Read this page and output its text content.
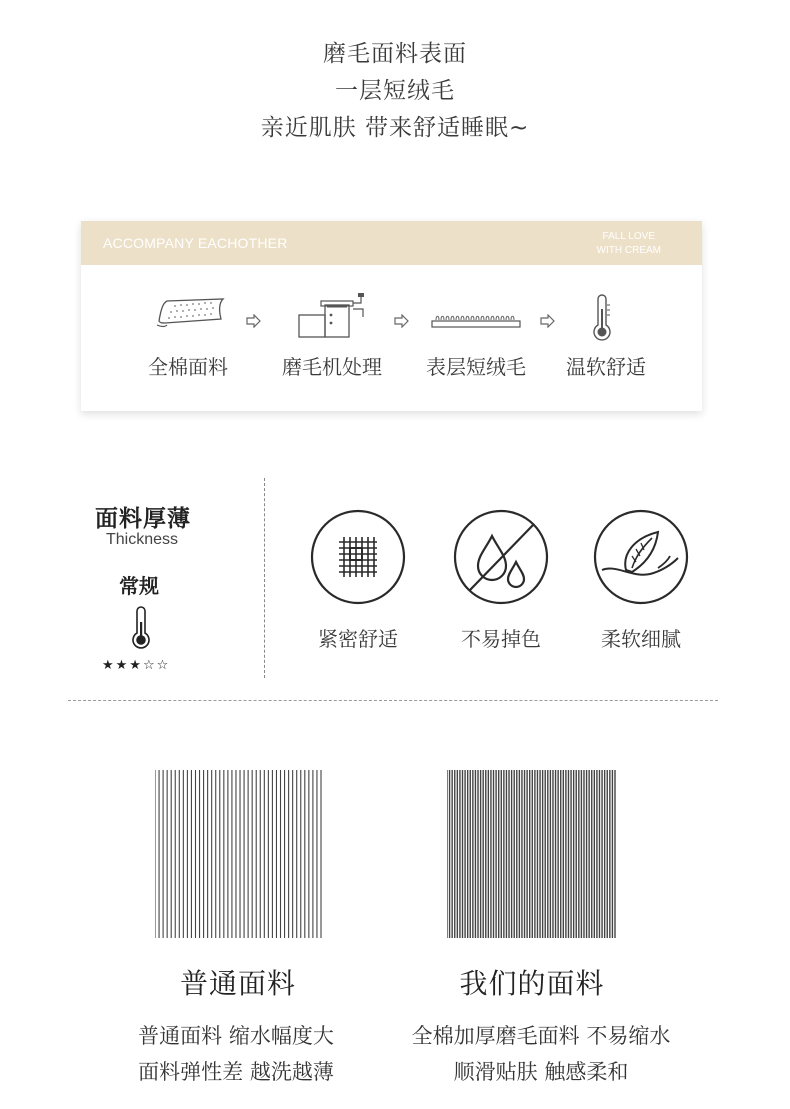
磨毛面料表面
一层短绒毛
亲近肌肤 带来舒适睡眠~
ACCOMPANY EACHOTHER	FALL LOVE
WITH CREAM
全棉面料	磨毛机处理	表层短绒毛	温软舒适
面料厚薄
Thickness
常规
★★★☆☆
紧密舒适	不易掉色	柔软细腻
普通面料	我们的面料
普通面料 缩水幅度大
面料弹性差 越洗越薄
全棉加厚磨毛面料 不易缩水
顺滑贴肤 触感柔和
